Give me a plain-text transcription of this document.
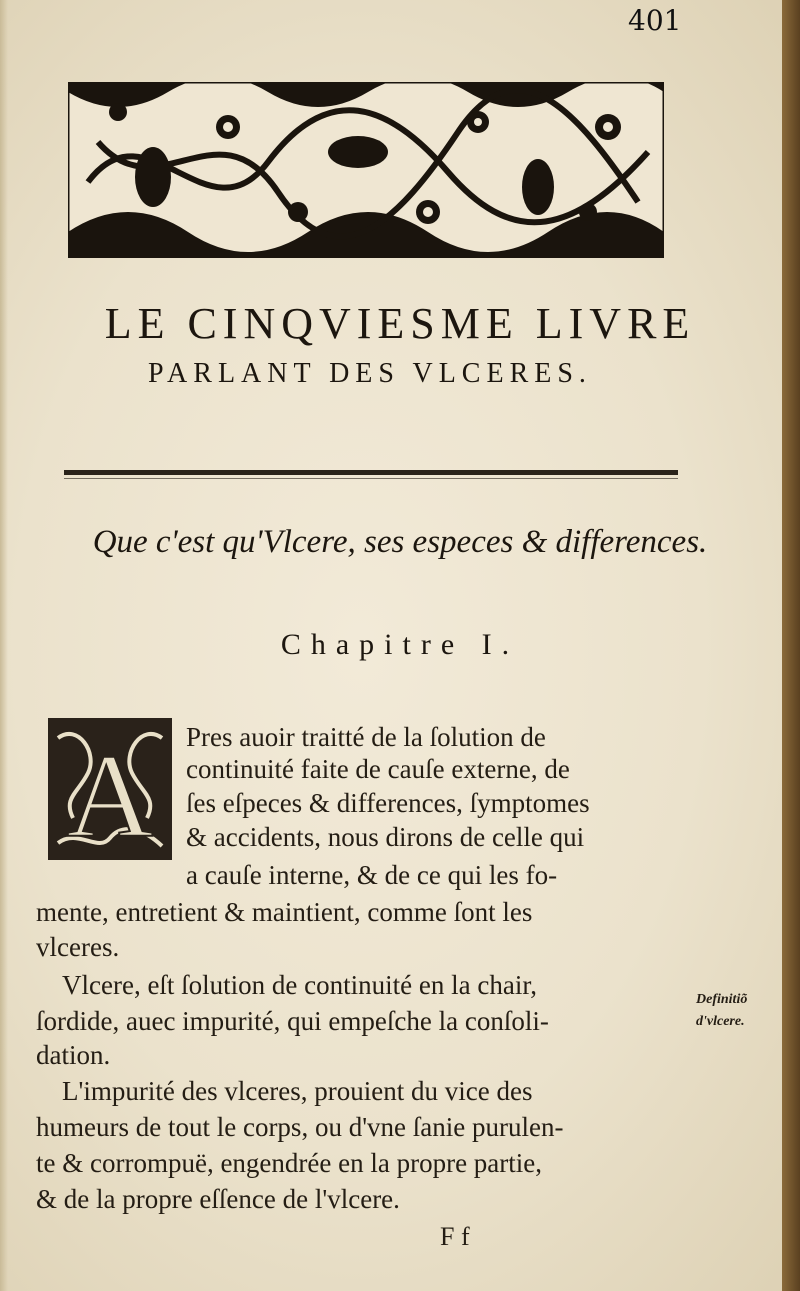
401
LE CINQVIESME LIVRE
PARLANT DES VLCERES.
Que c'est qu'Vlcere, ses especes & differences.
Chapitre I.
A Pres auoir traitté de la ſolution de
continuité faite de cauſe externe, de
ſes eſpeces & differences, ſymptomes
& accidents, nous dirons de celle qui
a cauſe interne, & de ce qui les fo-
mente, entretient & maintient, comme ſont les
vlceres.
Vlcere, eſt ſolution de continuité en la chair,
ſordide, auec impurité, qui empeſche la conſoli-
dation.
L'impurité des vlceres, prouient du vice des
humeurs de tout le corps, ou d'vne ſanie purulen-
te & corrompuë, engendrée en la propre partie,
& de la propre eſſence de l'vlcere.
Definitiõ
d'vlcere.
F f
